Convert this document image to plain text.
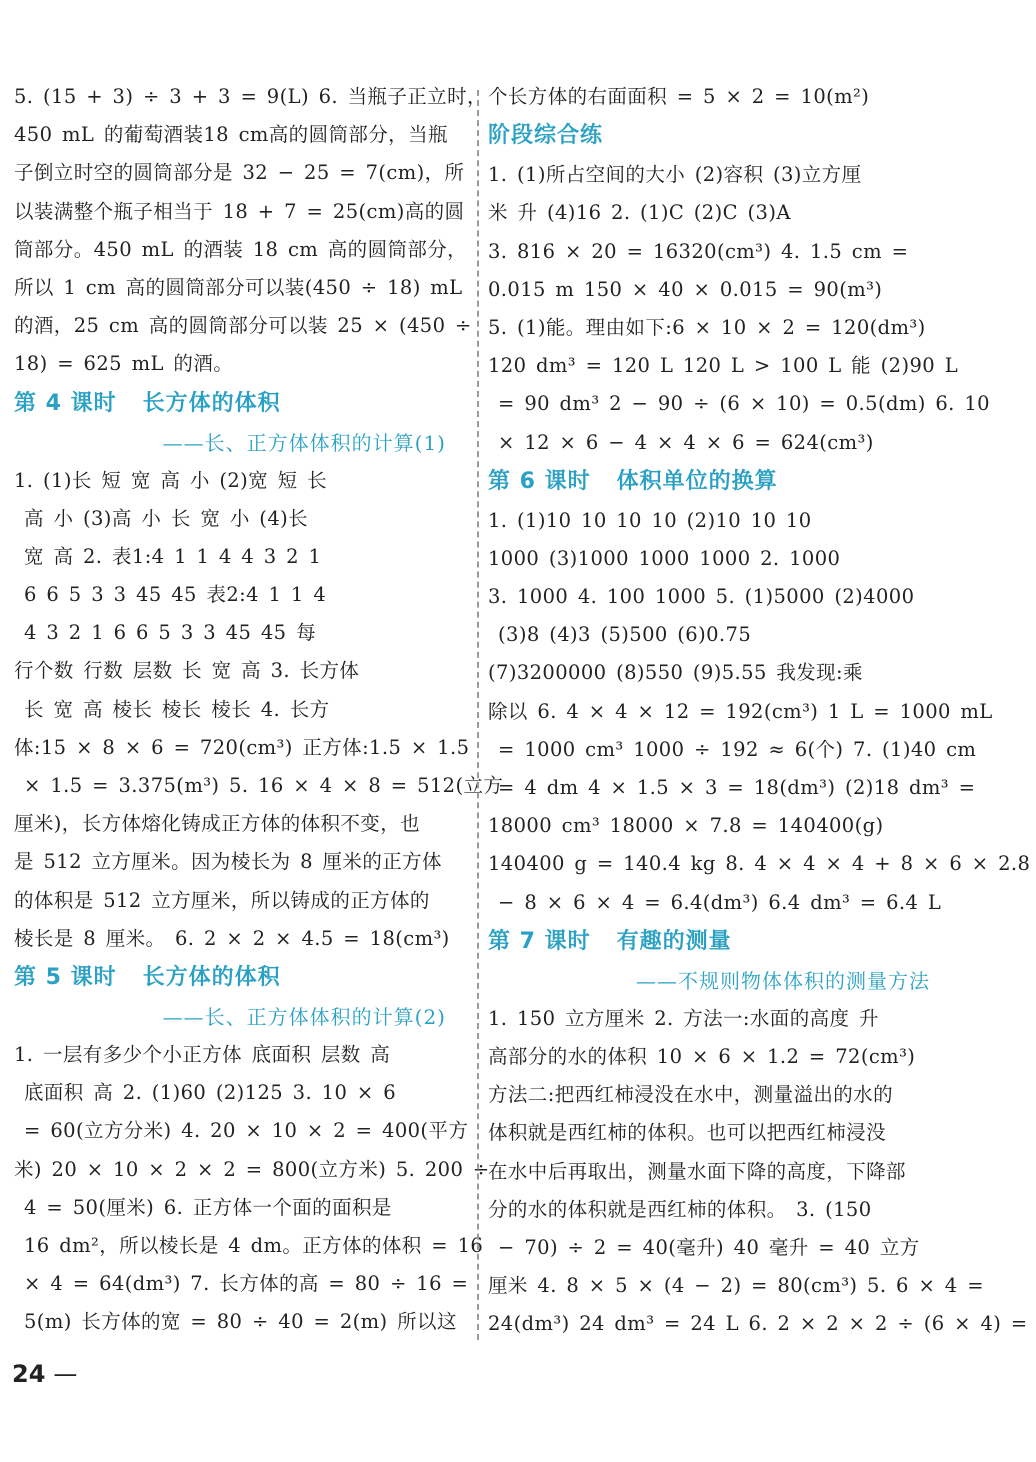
5. (15 + 3) ÷ 3 + 3 = 9(L) 6. 当瓶子正立时，
450 mL 的葡萄酒装18 cm高的圆筒部分，当瓶
子倒立时空的圆筒部分是 32 − 25 = 7(cm)，所
以装满整个瓶子相当于 18 + 7 = 25(cm)高的圆
筒部分。450 mL 的酒装 18 cm 高的圆筒部分，
所以 1 cm 高的圆筒部分可以装(450 ÷ 18) mL
的酒，25 cm 高的圆筒部分可以装 25 × (450 ÷
18) = 625 mL 的酒。
第 4 课时 长方体的体积
——长、正方体体积的计算(1)
1. (1)长 短 宽 高 小 (2)宽 短 长
高 小 (3)高 小 长 宽 小 (4)长
宽 高 2. 表1:4 1 1 4 4 3 2 1
6 6 5 3 3 45 45 表2:4 1 1 4
4 3 2 1 6 6 5 3 3 45 45 每
行个数 行数 层数 长 宽 高 3. 长方体
长 宽 高 棱长 棱长 棱长 4. 长方
体:15 × 8 × 6 = 720(cm³) 正方体:1.5 × 1.5
× 1.5 = 3.375(m³) 5. 16 × 4 × 8 = 512(立方
厘米)，长方体熔化铸成正方体的体积不变，也
是 512 立方厘米。因为棱长为 8 厘米的正方体
的体积是 512 立方厘米，所以铸成的正方体的
棱长是 8 厘米。 6. 2 × 2 × 4.5 = 18(cm³)
第 5 课时 长方体的体积
——长、正方体体积的计算(2)
1. 一层有多少个小正方体 底面积 层数 高
底面积 高 2. (1)60 (2)125 3. 10 × 6
= 60(立方分米) 4. 20 × 10 × 2 = 400(平方
米) 20 × 10 × 2 × 2 = 800(立方米) 5. 200 ÷
4 = 50(厘米) 6. 正方体一个面的面积是
16 dm²，所以棱长是 4 dm。正方体的体积 = 16
× 4 = 64(dm³) 7. 长方体的高 = 80 ÷ 16 =
5(m) 长方体的宽 = 80 ÷ 40 = 2(m) 所以这
个长方体的右面面积 = 5 × 2 = 10(m²)
阶段综合练
1. (1)所占空间的大小 (2)容积 (3)立方厘
米 升 (4)16 2. (1)C (2)C (3)A
3. 816 × 20 = 16320(cm³) 4. 1.5 cm =
0.015 m 150 × 40 × 0.015 = 90(m³)
5. (1)能。理由如下:6 × 10 × 2 = 120(dm³)
120 dm³ = 120 L 120 L > 100 L 能 (2)90 L
= 90 dm³ 2 − 90 ÷ (6 × 10) = 0.5(dm) 6. 10
× 12 × 6 − 4 × 4 × 6 = 624(cm³)
第 6 课时 体积单位的换算
1. (1)10 10 10 10 (2)10 10 10
1000 (3)1000 1000 1000 2. 1000
3. 1000 4. 100 1000 5. (1)5000 (2)4000
(3)8 (4)3 (5)500 (6)0.75
(7)3200000 (8)550 (9)5.55 我发现:乘
除以 6. 4 × 4 × 12 = 192(cm³) 1 L = 1000 mL
= 1000 cm³ 1000 ÷ 192 ≈ 6(个) 7. (1)40 cm
= 4 dm 4 × 1.5 × 3 = 18(dm³) (2)18 dm³ =
18000 cm³ 18000 × 7.8 = 140400(g)
140400 g = 140.4 kg 8. 4 × 4 × 4 + 8 × 6 × 2.8
− 8 × 6 × 4 = 6.4(dm³) 6.4 dm³ = 6.4 L
第 7 课时 有趣的测量
——不规则物体体积的测量方法
1. 150 立方厘米 2. 方法一:水面的高度 升
高部分的水的体积 10 × 6 × 1.2 = 72(cm³)
方法二:把西红柿浸没在水中，测量溢出的水的
体积就是西红柿的体积。也可以把西红柿浸没
在水中后再取出，测量水面下降的高度，下降部
分的水的体积就是西红柿的体积。 3. (150
− 70) ÷ 2 = 40(毫升) 40 毫升 = 40 立方
厘米 4. 8 × 5 × (4 − 2) = 80(cm³) 5. 6 × 4 =
24(dm³) 24 dm³ = 24 L 6. 2 × 2 × 2 ÷ (6 × 4) =
24 —
